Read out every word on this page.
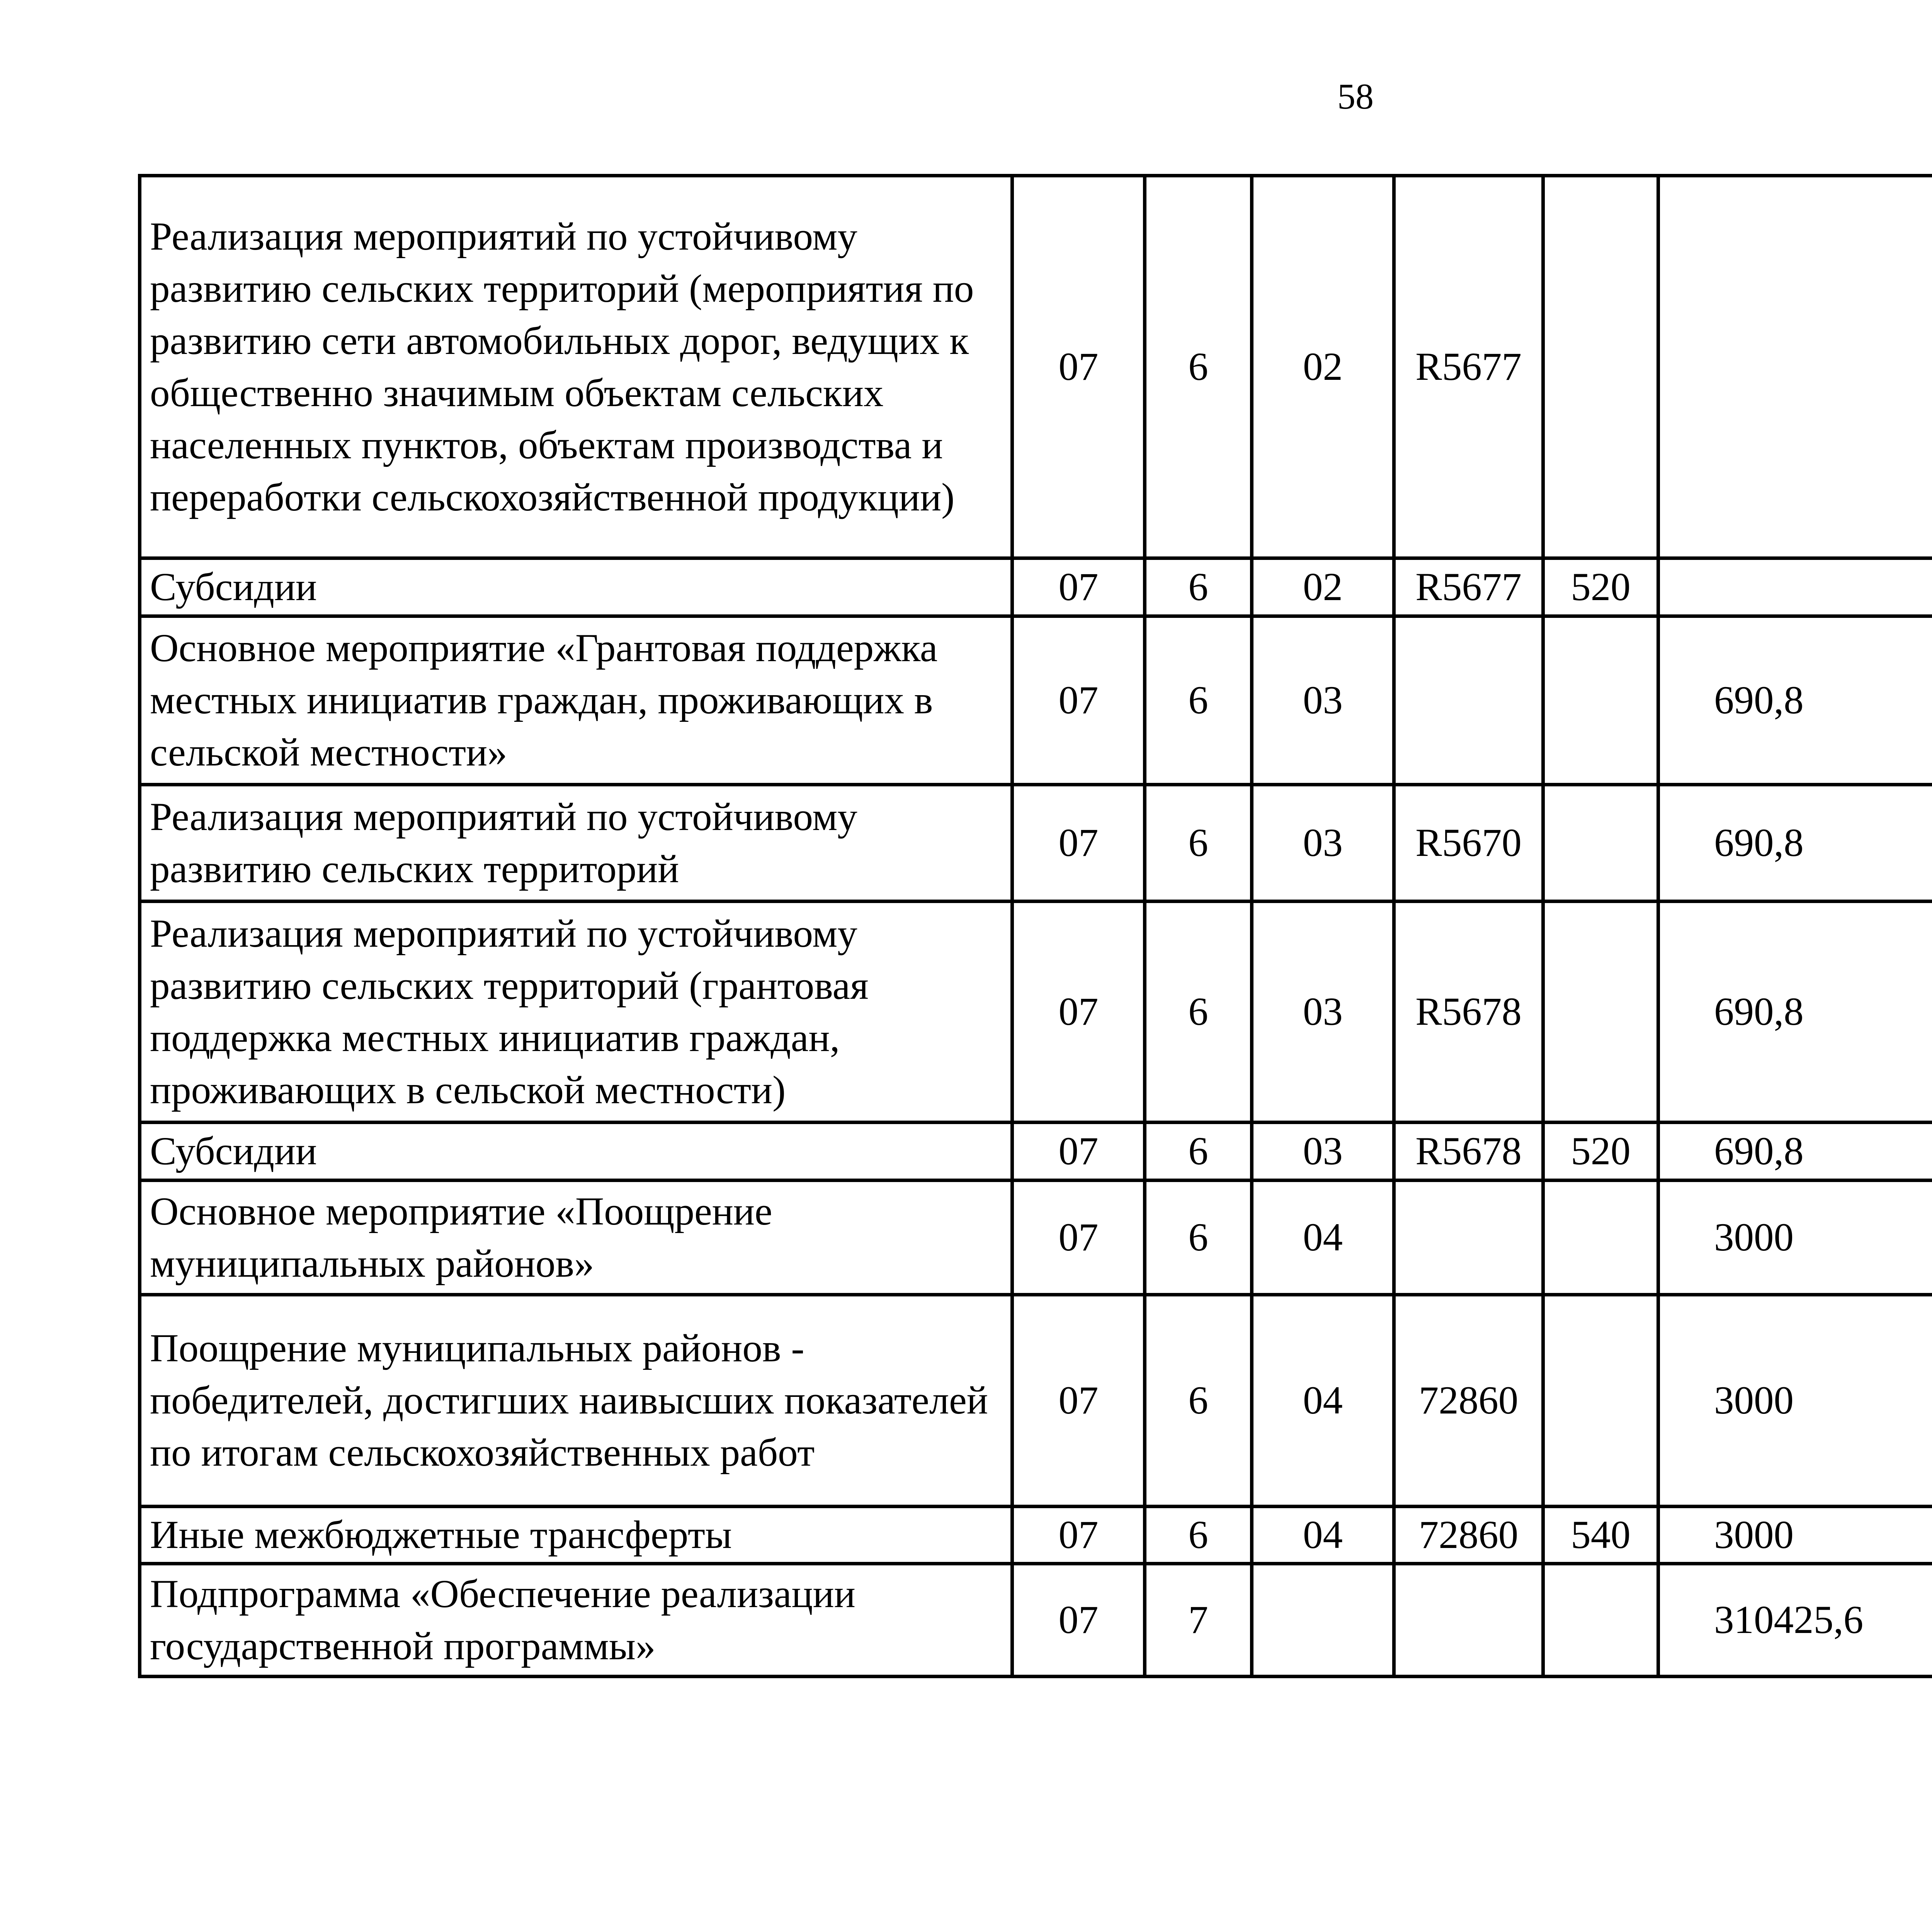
58
Реализация мероприятий по устойчивому развитию сельских территорий (мероприятия по развитию сети автомобильных дорог, ведущих к общественно значимым объектам сельских населенных пунктов, объектам производства и переработки сельскохозяйственной продукции)	07	6	02	R5677				
Субсидии	07	6	02	R5677	520			
Основное мероприятие «Грантовая поддержка местных инициатив граждан, проживающих в сельской местности»	07	6	03			690,8		
Реализация мероприятий по устойчивому развитию сельских территорий	07	6	03	R5670		690,8		
Реализация мероприятий по устойчивому развитию сельских территорий (грантовая поддержка местных инициатив граждан, проживающих в сельской местности)	07	6	03	R5678		690,8		
Субсидии	07	6	03	R5678	520	690,8		
Основное мероприятие «Поощрение муниципальных районов»	07	6	04			3000		
Поощрение муниципальных районов - победителей, достигших наивысших показателей по итогам сельскохозяйственных работ	07	6	04	72860		3000		
Иные межбюджетные трансферты	07	6	04	72860	540	3000		
Подпрограмма «Обеспечение реализации государственной программы»	07	7				310425,6		
